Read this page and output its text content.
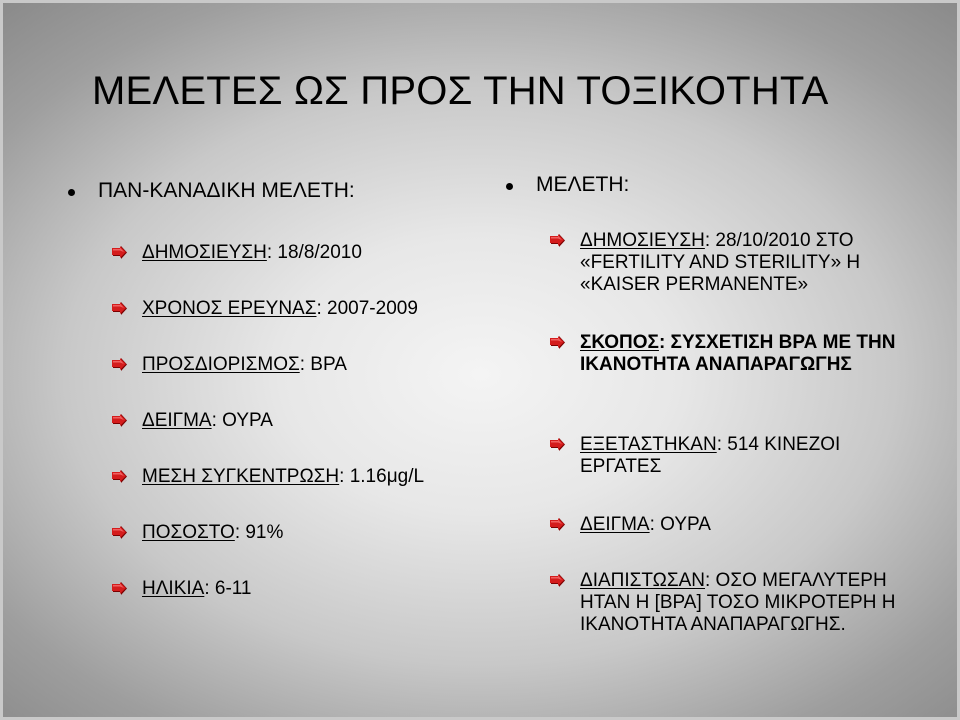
ΜΕΛΕΤΕΣ ΩΣ ΠΡΟΣ ΤΗΝ ΤΟΞΙΚΟΤΗΤΑ
ΠΑΝ-ΚΑΝΑΔΙΚΗ ΜΕΛΕΤΗ:
ΔΗΜΟΣΙΕΥΣΗ: 18/8/2010
ΧΡΟΝΟΣ ΕΡΕΥΝΑΣ: 2007-2009
ΠΡΟΣΔΙΟΡΙΣΜΟΣ: ΒΡΑ
ΔΕΙΓΜΑ: ΟΥΡΑ
ΜΕΣΗ ΣΥΓΚΕΝΤΡΩΣΗ: 1.16μg/L
ΠΟΣΟΣΤΟ: 91%
ΗΛΙΚΙΑ: 6-11
ΜΕΛΕΤΗ:
ΔΗΜΟΣΙΕΥΣΗ: 28/10/2010 ΣΤΟ «FERTILITY AND STERILITY» Η «KAISER PERMANENTE»
ΣΚΟΠΟΣ: ΣΥΣΧΕΤΙΣΗ ΒΡΑ ΜΕ ΤΗΝ ΙΚΑΝΟΤΗΤΑ ΑΝΑΠΑΡΑΓΩΓΗΣ
ΕΞΕΤΑΣΤΗΚΑΝ: 514 ΚΙΝΕΖΟΙ ΕΡΓΑΤΕΣ
ΔΕΙΓΜΑ: ΟΥΡΑ
ΔΙΑΠΙΣΤΩΣΑΝ: ΟΣΟ ΜΕΓΑΛΥΤΕΡΗ ΗΤΑΝ Η [ΒΡΑ] ΤΟΣΟ ΜΙΚΡΟΤΕΡΗ Η ΙΚΑΝΟΤΗΤΑ ΑΝΑΠΑΡΑΓΩΓΗΣ.
